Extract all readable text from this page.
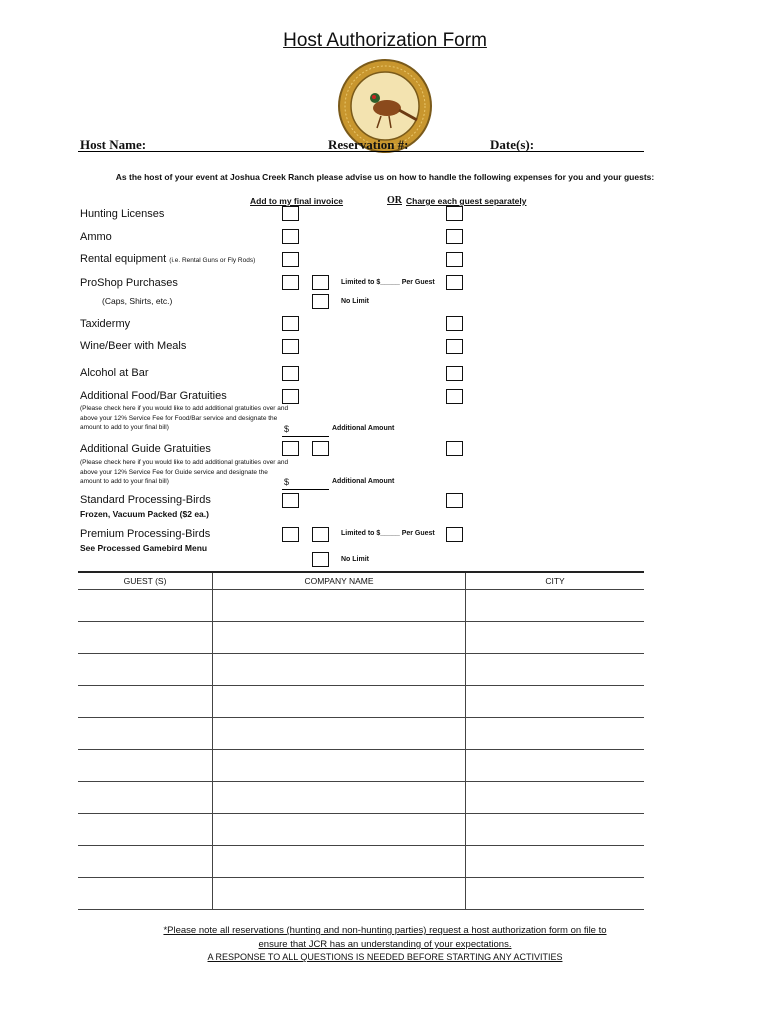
Host Authorization Form
Host Name:	Reservation #:	Date(s):
As the host of your event at Joshua Creek Ranch please advise us on how to handle the following expenses for you and your guests:
Add to my final invoice	OR Charge each guest separately
Hunting Licenses
Ammo
Rental equipment (i.e. Rental Guns or Fly Rods)
ProShop Purchases	Limited to $_____ Per Guest
(Caps, Shirts, etc.)	No Limit
Taxidermy
Wine/Beer with Meals
Alcohol at Bar
Additional Food/Bar Gratuities
(Please check here if you would like to add additional gratuities over and above your 12% Service Fee for Food/Bar service and designate the amount to add to your final bill)	$	Additional Amount
Additional Guide Gratuities
(Please check here if you would like to add additional gratuities over and above your 12% Service Fee for Guide service and designate the amount to add to your final bill)	$	Additional Amount
Standard Processing-Birds
Frozen, Vacuum Packed ($2 ea.)
Premium Processing-Birds	Limited to $_____ Per Guest
See Processed Gamebird Menu
No Limit
GUEST (S)	COMPANY NAME	CITY

*Please note all reservations (hunting and non-hunting parties) request a host authorization form on file to
ensure that JCR has an understanding of your expectations.
A RESPONSE TO ALL QUESTIONS IS NEEDED BEFORE STARTING ANY ACTIVITIES
